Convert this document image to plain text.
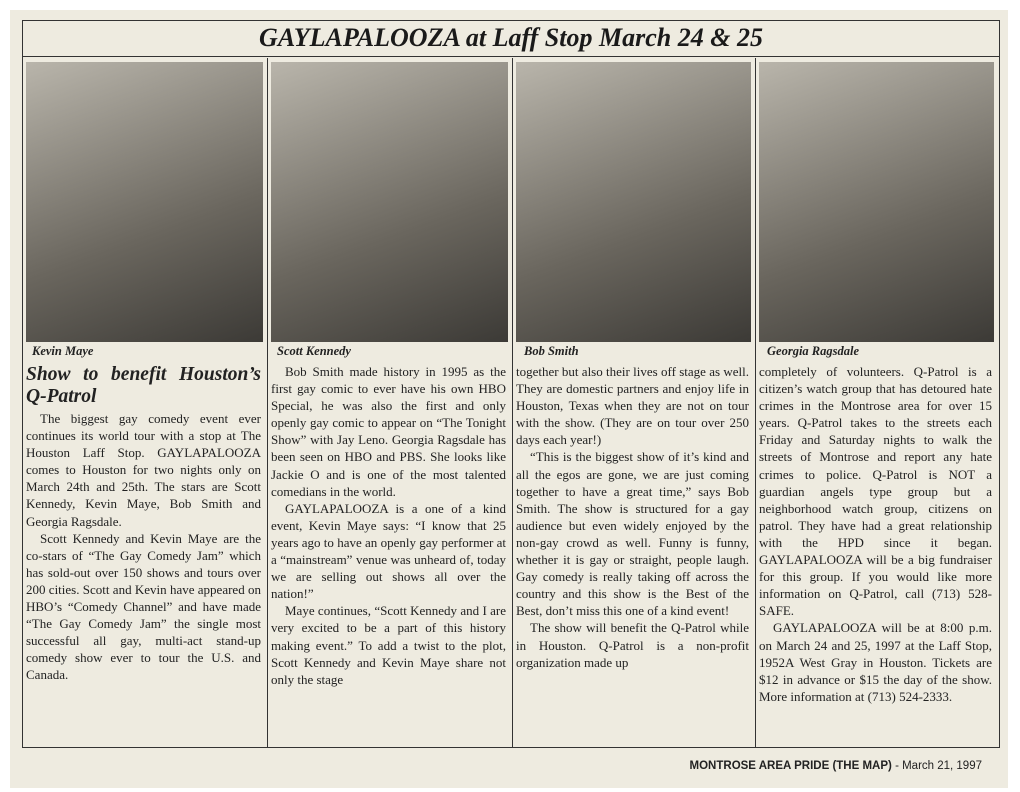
GAYLAPALOOZA at Laff Stop March 24 & 25
Kevin Maye
Show to benefit Houston’s Q-Patrol

The biggest gay comedy event ever continues its world tour with a stop at The Houston Laff Stop. GAYLAPALOOZA comes to Houston for two nights only on March 24th and 25th. The stars are Scott Kennedy, Kevin Maye, Bob Smith and Georgia Ragsdale.

Scott Kennedy and Kevin Maye are the co-stars of “The Gay Comedy Jam” which has sold-out over 150 shows and tours over 200 cities. Scott and Kevin have appeared on HBO’s “Comedy Channel” and have made “The Gay Comedy Jam” the single most successful all gay, multi-act stand-up comedy show ever to tour the U.S. and Canada.

Scott Kennedy

Bob Smith made history in 1995 as the first gay comic to ever have his own HBO Special, he was also the first and only openly gay comic to appear on “The Tonight Show” with Jay Leno. Georgia Ragsdale has been seen on HBO and PBS. She looks like Jackie O and is one of the most talented comedians in the world.

GAYLAPALOOZA is a one of a kind event, Kevin Maye says: “I know that 25 years ago to have an openly gay performer at a “mainstream” venue was unheard of, today we are selling out shows all over the nation!”

Maye continues, “Scott Kennedy and I are very excited to be a part of this history making event.” To add a twist to the plot, Scott Kennedy and Kevin Maye share not only the stage

Bob Smith

together but also their lives off stage as well. They are domestic partners and enjoy life in Houston, Texas when they are not on tour with the show. (They are on tour over 250 days each year!)

“This is the biggest show of it’s kind and all the egos are gone, we are just coming together to have a great time,” says Bob Smith. The show is structured for a gay audience but even widely enjoyed by the non-gay crowd as well. Funny is funny, whether it is gay or straight, people laugh. Gay comedy is really taking off across the country and this show is the Best of the Best, don’t miss this one of a kind event!

The show will benefit the Q-Patrol while in Houston. Q-Patrol is a non-profit organization made up

Georgia Ragsdale

completely of volunteers. Q-Patrol is a citizen’s watch group that has detoured hate crimes in the Montrose area for over 15 years. Q-Patrol takes to the streets each Friday and Saturday nights to walk the streets of Montrose and report any hate crimes to police. Q-Patrol is NOT a guardian angels type group but a neighborhood watch group, citizens on patrol. They have had a great relationship with the HPD since it began. GAYLAPALOOZA will be a big fundraiser for this group. If you would like more information on Q-Patrol, call (713) 528-SAFE.

GAYLAPALOOZA will be at 8:00 p.m. on March 24 and 25, 1997 at the Laff Stop, 1952A West Gray in Houston. Tickets are $12 in advance or $15 the day of the show. More information at (713) 524-2333.

MONTROSE AREA PRIDE (THE MAP) - March 21, 1997
